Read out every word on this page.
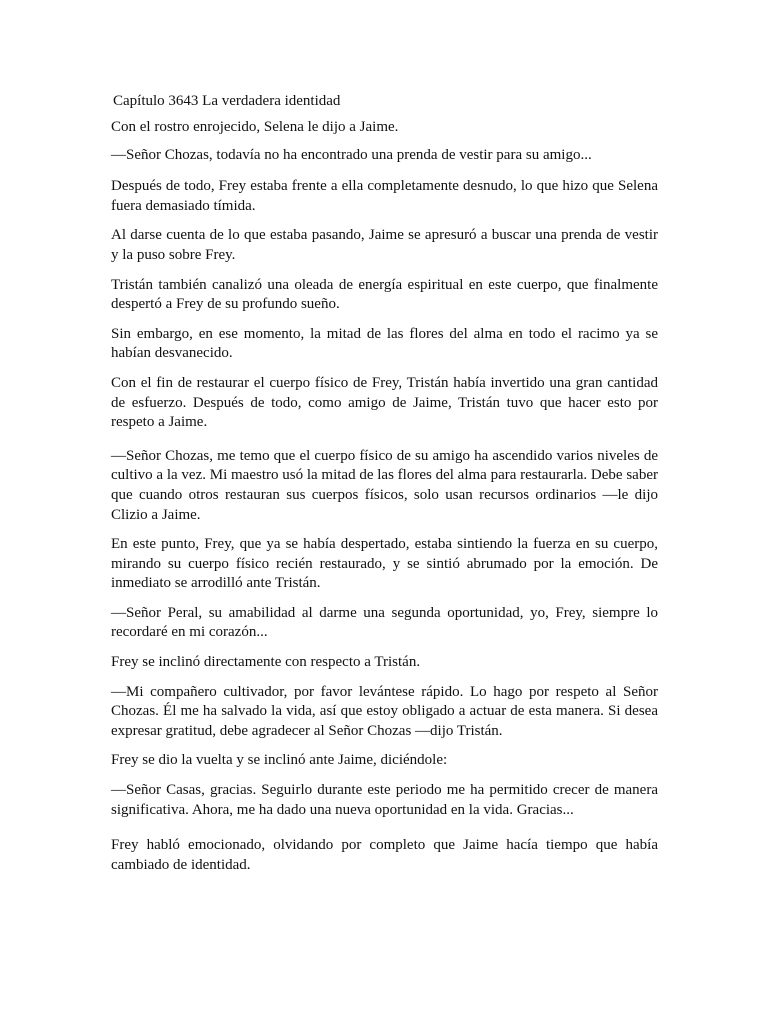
Capítulo 3643 La verdadera identidad

Con el rostro enrojecido, Selena le dijo a Jaime.

—Señor Chozas, todavía no ha encontrado una prenda de vestir para su amigo...

Después de todo, Frey estaba frente a ella completamente desnudo, lo que hizo que Selena fuera demasiado tímida.

Al darse cuenta de lo que estaba pasando, Jaime se apresuró a buscar una prenda de vestir y la puso sobre Frey.

Tristán también canalizó una oleada de energía espiritual en este cuerpo, que finalmente despertó a Frey de su profundo sueño.

Sin embargo, en ese momento, la mitad de las flores del alma en todo el racimo ya se habían desvanecido.

Con el fin de restaurar el cuerpo físico de Frey, Tristán había invertido una gran cantidad de esfuerzo. Después de todo, como amigo de Jaime, Tristán tuvo que hacer esto por respeto a Jaime.

—Señor Chozas, me temo que el cuerpo físico de su amigo ha ascendido varios niveles de cultivo a la vez. Mi maestro usó la mitad de las flores del alma para restaurarla. Debe saber que cuando otros restauran sus cuerpos físicos, solo usan recursos ordinarios —le dijo Clizio a Jaime.

En este punto, Frey, que ya se había despertado, estaba sintiendo la fuerza en su cuerpo, mirando su cuerpo físico recién restaurado, y se sintió abrumado por la emoción. De inmediato se arrodilló ante Tristán.

—Señor Peral, su amabilidad al darme una segunda oportunidad, yo, Frey, siempre lo recordaré en mi corazón...

Frey se inclinó directamente con respecto a Tristán.

—Mi compañero cultivador, por favor levántese rápido. Lo hago por respeto al Señor Chozas. Él me ha salvado la vida, así que estoy obligado a actuar de esta manera. Si desea expresar gratitud, debe agradecer al Señor Chozas —dijo Tristán.

Frey se dio la vuelta y se inclinó ante Jaime, diciéndole:

—Señor Casas, gracias. Seguirlo durante este periodo me ha permitido crecer de manera significativa. Ahora, me ha dado una nueva oportunidad en la vida. Gracias...

Frey habló emocionado, olvidando por completo que Jaime hacía tiempo que había cambiado de identidad.
